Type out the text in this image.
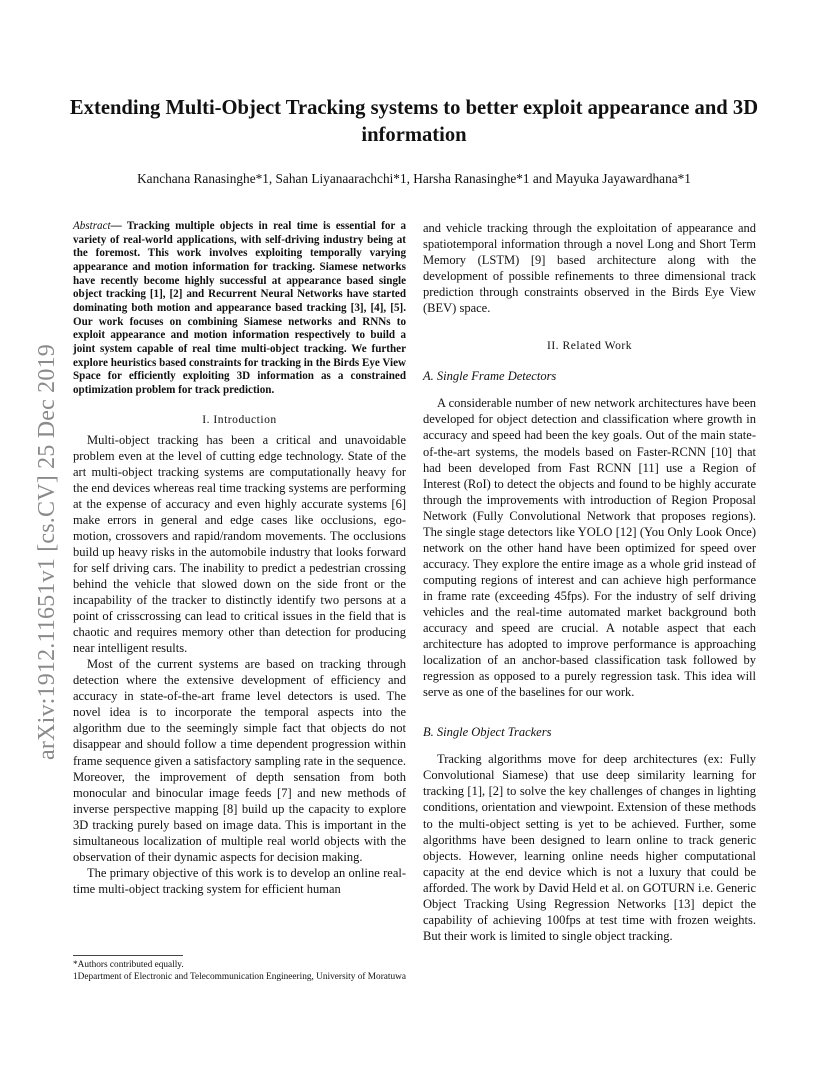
arXiv:1912.11651v1 [cs.CV] 25 Dec 2019
Extending Multi-Object Tracking systems to better exploit appearance and 3D information
Kanchana Ranasinghe*1, Sahan Liyanaarachchi*1, Harsha Ranasinghe*1 and Mayuka Jayawardhana*1

Abstract— Tracking multiple objects in real time is essential for a variety of real-world applications, with self-driving industry being at the foremost. This work involves exploiting temporally varying appearance and motion information for tracking. Siamese networks have recently become highly successful at appearance based single object tracking [1], [2] and Recurrent Neural Networks have started dominating both motion and appearance based tracking [3], [4], [5]. Our work focuses on combining Siamese networks and RNNs to exploit appearance and motion information respectively to build a joint system capable of real time multi-object tracking. We further explore heuristics based constraints for tracking in the Birds Eye View Space for efficiently exploiting 3D information as a constrained optimization problem for track prediction.

I. Introduction

Multi-object tracking has been a critical and unavoidable problem even at the level of cutting edge technology. State of the art multi-object tracking systems are computationally heavy for the end devices whereas real time tracking systems are performing at the expense of accuracy and even highly accurate systems [6] make errors in general and edge cases like occlusions, ego-motion, crossovers and rapid/random movements. The occlusions build up heavy risks in the automobile industry that looks forward for self driving cars. The inability to predict a pedestrian crossing behind the vehicle that slowed down on the side front or the incapability of the tracker to distinctly identify two persons at a point of crisscrossing can lead to critical issues in the field that is chaotic and requires memory other than detection for producing near intelligent results.

Most of the current systems are based on tracking through detection where the extensive development of efficiency and accuracy in state-of-the-art frame level detectors is used. The novel idea is to incorporate the temporal aspects into the algorithm due to the seemingly simple fact that objects do not disappear and should follow a time dependent progression within frame sequence given a satisfactory sampling rate in the sequence. Moreover, the improvement of depth sensation from both monocular and binocular image feeds [7] and new methods of inverse perspective mapping [8] build up the capacity to explore 3D tracking purely based on image data. This is important in the simultaneous localization of multiple real world objects with the observation of their dynamic aspects for decision making.

The primary objective of this work is to develop an online real-time multi-object tracking system for efficient human

*Authors contributed equally.
1Department of Electronic and Telecommunication Engineering, University of Moratuwa

and vehicle tracking through the exploitation of appearance and spatiotemporal information through a novel Long and Short Term Memory (LSTM) [9] based architecture along with the development of possible refinements to three dimensional track prediction through constraints observed in the Birds Eye View (BEV) space.

II. Related Work
A. Single Frame Detectors

A considerable number of new network architectures have been developed for object detection and classification where growth in accuracy and speed had been the key goals. Out of the main state-of-the-art systems, the models based on Faster-RCNN [10] that had been developed from Fast RCNN [11] use a Region of Interest (RoI) to detect the objects and found to be highly accurate through the improvements with introduction of Region Proposal Network (Fully Convolutional Network that proposes regions). The single stage detectors like YOLO [12] (You Only Look Once) network on the other hand have been optimized for speed over accuracy. They explore the entire image as a whole grid instead of computing regions of interest and can achieve high performance in frame rate (exceeding 45fps). For the industry of self driving vehicles and the real-time automated market background both accuracy and speed are crucial. A notable aspect that each architecture has adopted to improve performance is approaching localization of an anchor-based classification task followed by regression as opposed to a purely regression task. This idea will serve as one of the baselines for our work.

B. Single Object Trackers

Tracking algorithms move for deep architectures (ex: Fully Convolutional Siamese) that use deep similarity learning for tracking [1], [2] to solve the key challenges of changes in lighting conditions, orientation and viewpoint. Extension of these methods to the multi-object setting is yet to be achieved. Further, some algorithms have been designed to learn online to track generic objects. However, learning online needs higher computational capacity at the end device which is not a luxury that could be afforded. The work by David Held et al. on GOTURN i.e. Generic Object Tracking Using Regression Networks [13] depict the capability of achieving 100fps at test time with frozen weights. But their work is limited to single object tracking.
